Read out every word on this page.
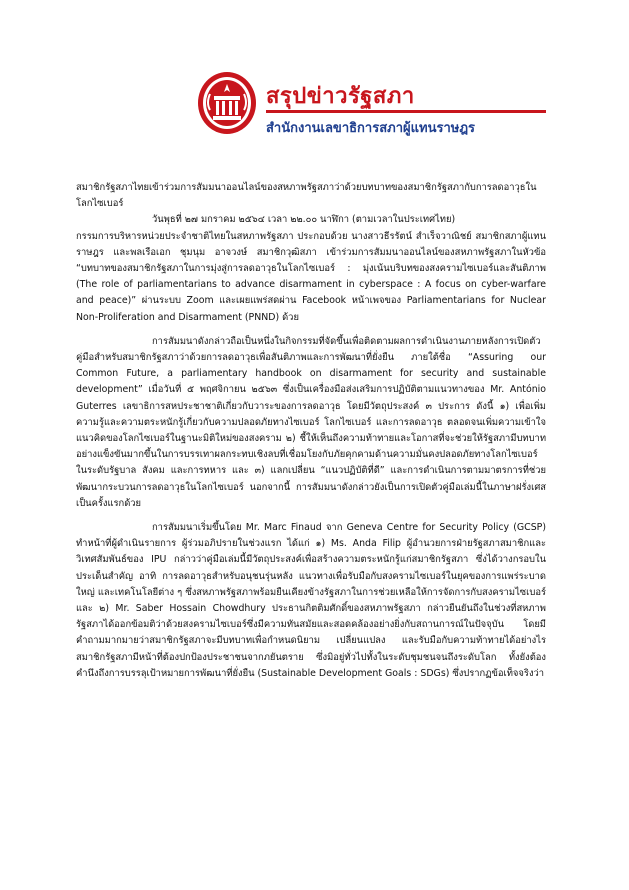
สรุปข่าวรัฐสภา
สำนักงานเลขาธิการสภาผู้แทนราษฎร

สมาชิกรัฐสภาไทยเข้าร่วมการสัมมนาออนไลน์ของสหภาพรัฐสภาว่าด้วยบทบาทของสมาชิกรัฐสภากับการลดอาวุธในโลกไซเบอร์

วันพุธที่ ๒๗ มกราคม ๒๕๖๔ เวลา ๒๒.๐๐ นาฬิกา (ตามเวลาในประเทศไทย)

กรรมการบริหารหน่วยประจำชาติไทยในสหภาพรัฐสภา ประกอบด้วย นางสาวธีรรัตน์ สำเร็จวาณิชย์ สมาชิกสภาผู้แทนราษฎร และพลเรือเอก ชุมนุม อาจวงษ์ สมาชิกวุฒิสภา เข้าร่วมการสัมมนาออนไลน์ของสหภาพรัฐสภาในหัวข้อ “บทบาทของสมาชิกรัฐสภาในการมุ่งสู่การลดอาวุธในโลกไซเบอร์ : มุ่งเน้นบริบทของสงครามไซเบอร์และสันติภาพ (The role of parliamentarians to advance disarmament in cyberspace : A focus on cyber-warfare and peace)” ผ่านระบบ Zoom และเผยแพร่สดผ่าน Facebook หน้าเพจของ Parliamentarians for Nuclear Non-Proliferation and Disarmament (PNND) ด้วย

การสัมมนาดังกล่าวถือเป็นหนึ่งในกิจกรรมที่จัดขึ้นเพื่อติดตามผลการดำเนินงานภายหลังการเปิดตัวคู่มือสำหรับสมาชิกรัฐสภาว่าด้วยการลดอาวุธเพื่อสันติภาพและการพัฒนาที่ยั่งยืน ภายใต้ชื่อ “Assuring our Common Future, a parliamentary handbook on disarmament for security and sustainable development” เมื่อวันที่ ๕ พฤศจิกายน ๒๕๖๓ ซึ่งเป็นเครื่องมือส่งเสริมการปฏิบัติตามแนวทางของ Mr. António Guterres เลขาธิการสหประชาชาติเกี่ยวกับวาระของการลดอาวุธ โดยมีวัตถุประสงค์ ๓ ประการ ดังนี้ ๑) เพื่อเพิ่มความรู้และความตระหนักรู้เกี่ยวกับความปลอดภัยทางไซเบอร์ โลกไซเบอร์ และการลดอาวุธ ตลอดจนเพิ่มความเข้าใจแนวคิดของโลกไซเบอร์ในฐานะมิติใหม่ของสงคราม ๒) ชี้ให้เห็นถึงความท้าทายและโอกาสที่จะช่วยให้รัฐสภามีบทบาทอย่างแข็งขันมากขึ้นในการบรรเทาผลกระทบเชิงลบที่เชื่อมโยงกับภัยคุกคามด้านความมั่นคงปลอดภัยทางโลกไซเบอร์ในระดับรัฐบาล สังคม และการทหาร และ ๓) แลกเปลี่ยน “แนวปฏิบัติที่ดี” และการดำเนินการตามมาตรการที่ช่วยพัฒนากระบวนการลดอาวุธในโลกไซเบอร์ นอกจากนี้ การสัมมนาดังกล่าวยังเป็นการเปิดตัวคู่มือเล่มนี้ในภาษาฝรั่งเศสเป็นครั้งแรกด้วย

การสัมมนาเริ่มขึ้นโดย Mr. Marc Finaud จาก Geneva Centre for Security Policy (GCSP) ทำหน้าที่ผู้ดำเนินรายการ ผู้ร่วมอภิปรายในช่วงแรก ได้แก่ ๑) Ms. Anda Filip ผู้อำนวยการฝ่ายรัฐสภาสมาชิกและวิเทศสัมพันธ์ของ IPU กล่าวว่าคู่มือเล่มนี้มีวัตถุประสงค์เพื่อสร้างความตระหนักรู้แก่สมาชิกรัฐสภา ซึ่งได้วางกรอบในประเด็นสำคัญ อาทิ การลดอาวุธสำหรับอนุชนรุ่นหลัง แนวทางเพื่อรับมือกับสงครามไซเบอร์ในยุคของการแพร่ระบาดใหญ่ และเทคโนโลยีต่าง ๆ ซึ่งสหภาพรัฐสภาพร้อมยืนเคียงข้างรัฐสภาในการช่วยเหลือให้การจัดการกับสงครามไซเบอร์ และ ๒) Mr. Saber Hossain Chowdhury ประธานกิตติมศักดิ์ของสหภาพรัฐสภา กล่าวยืนยันถึงในช่วงที่สหภาพรัฐสภาได้ออกข้อมติว่าด้วยสงครามไซเบอร์ซึ่งมีความทันสมัยและสอดคล้องอย่างยิ่งกับสถานการณ์ในปัจจุบัน โดยมีคำถามมากมายว่าสมาชิกรัฐสภาจะมีบทบาทเพื่อกำหนดนิยาม เปลี่ยนแปลง และรับมือกับความท้าทายได้อย่างไร สมาชิกรัฐสภามีหน้าที่ต้องปกป้องประชาชนจากภยันตราย ซึ่งมิอยู่ทั่วไปทั้งในระดับชุมชนจนถึงระดับโลก ทั้งยังต้องคำนึงถึงการบรรลุเป้าหมายการพัฒนาที่ยั่งยืน (Sustainable Development Goals : SDGs) ซึ่งปรากฏข้อเท็จจริงว่า
